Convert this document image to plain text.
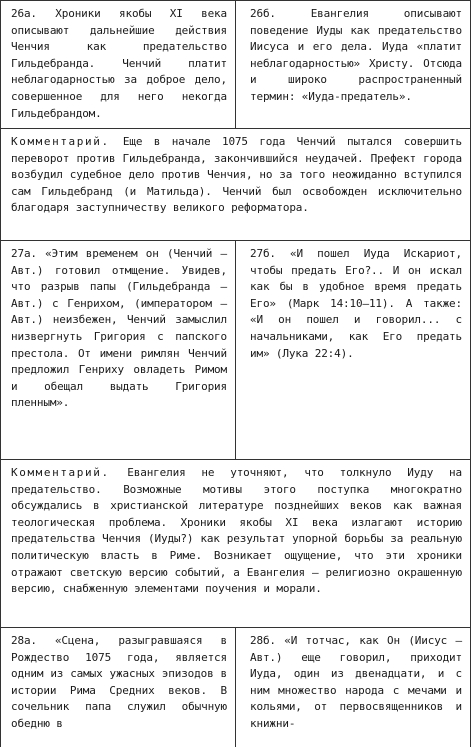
26а. Хроники якобы XI века описывают дальнейшие действия Ченчия как предательство Гильдебранда. Ченчий платит неблагодарностью за доброе дело, совершенное для него некогда Гильдебрандом.
26б. Евангелия описывают поведение Иуды как предательство Иисуса и его дела. Иуда «платит неблагодарностью» Христу. Отсюда и широко распространенный термин: «Иуда-предатель».
Комментарий. Еще в начале 1075 года Ченчий пытался совершить переворот против Гильдебранда, закончившийся неудачей. Префект города возбудил судебное дело против Ченчия, но за того неожиданно вступился сам Гильдебранд (и Матильда). Ченчий был освобожден исключительно благодаря заступничеству великого реформатора.
27а. «Этим временем он (Ченчий – Авт.) готовил отмщение. Увидев, что разрыв папы (Гильдебранда – Авт.) с Генрихом, (императором – Авт.) неизбежен, Ченчий замыслил низвергнуть Григория с папского престола. От имени римлян Ченчий предложил Генриху овладеть Римом и обещал выдать Григория пленным».
27б. «И пошел Иуда Искариот, чтобы предать Его?.. И он искал как бы в удобное время предать Его» (Марк 14:10–11). А также: «И он пошел и говорил... с начальниками, как Его предать им» (Лука 22:4).
Комментарий. Евангелия не уточняют, что толкнуло Иуду на предательство. Возможные мотивы этого поступка многократно обсуждались в христианской литературе позднейших веков как важная теологическая проблема. Хроники якобы XI века излагают историю предательства Ченчия (Иуды?) как результат упорной борьбы за реальную политическую власть в Риме. Возникает ощущение, что эти хроники отражают светскую версию событий, а Евангелия – религиозно окрашенную версию, снабженную элементами поучения и морали.
28а. «Сцена, разыгравшаяся в Рождество 1075 года, является одним из самых ужасных эпизодов в истории Рима Средних веков. В сочельник папа служил обычную обедню в
28б. «И тотчас, как Он (Иисус – Авт.) еще говорил, приходит Иуда, один из двенадцати, и с ним множество народа с мечами и кольями, от первосвященников и книжни-
